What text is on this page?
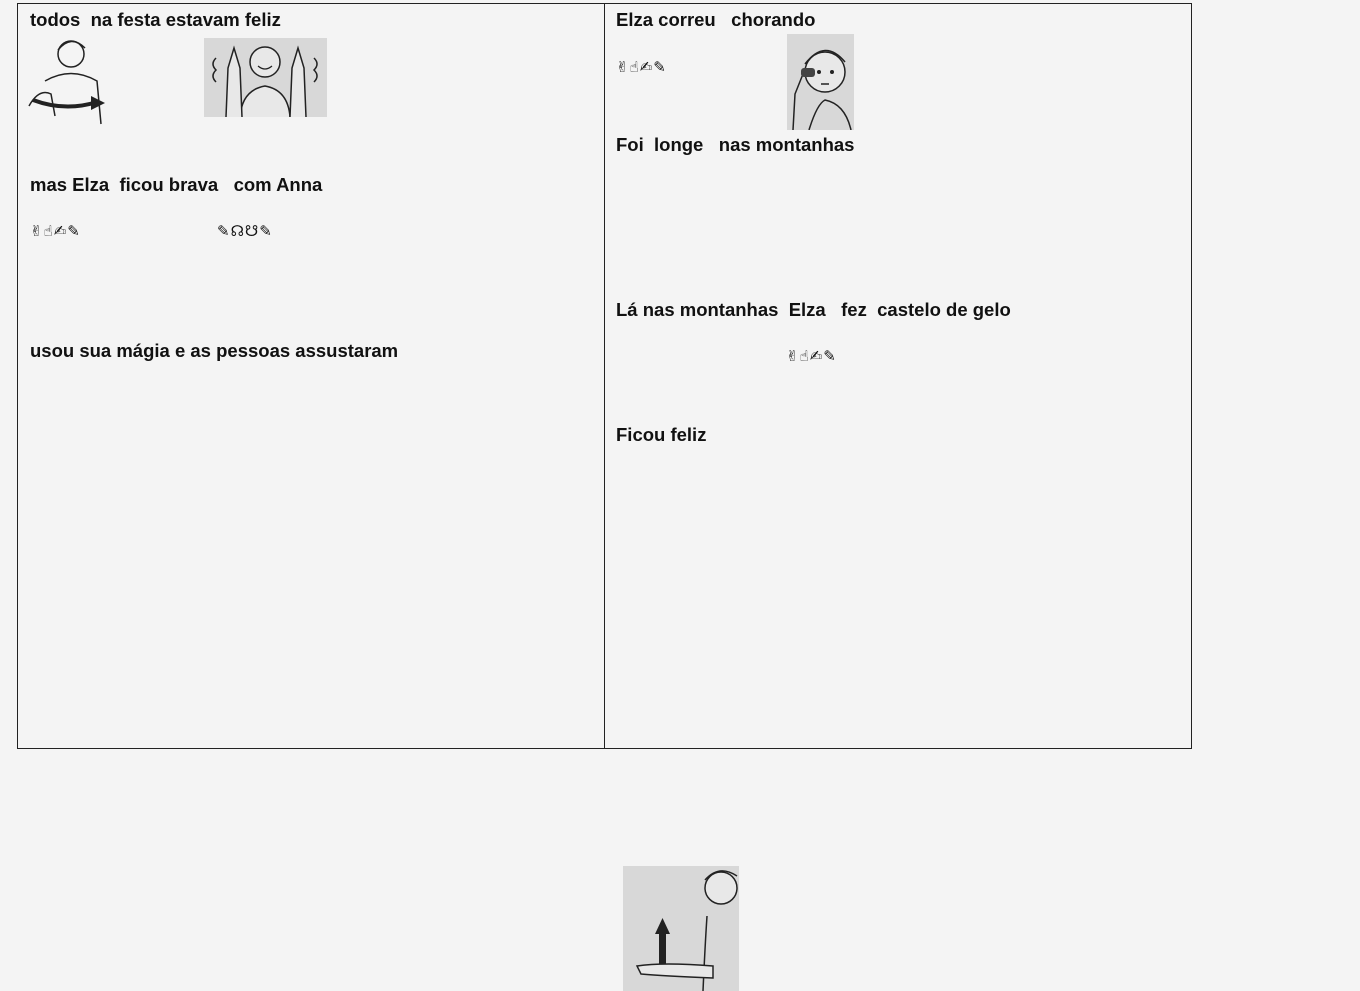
todos  na festa estavam feliz
mas Elza  ficou brava   com Anna
✌☝✍✎	✎☊☋✎
usou sua mágia e as pessoas assustaram
Elza correu   chorando
✌☝✍✎
Foi  longe   nas montanhas
Lá nas montanhas  Elza   fez  castelo de gelo
✌☝✍✎
Ficou feliz
